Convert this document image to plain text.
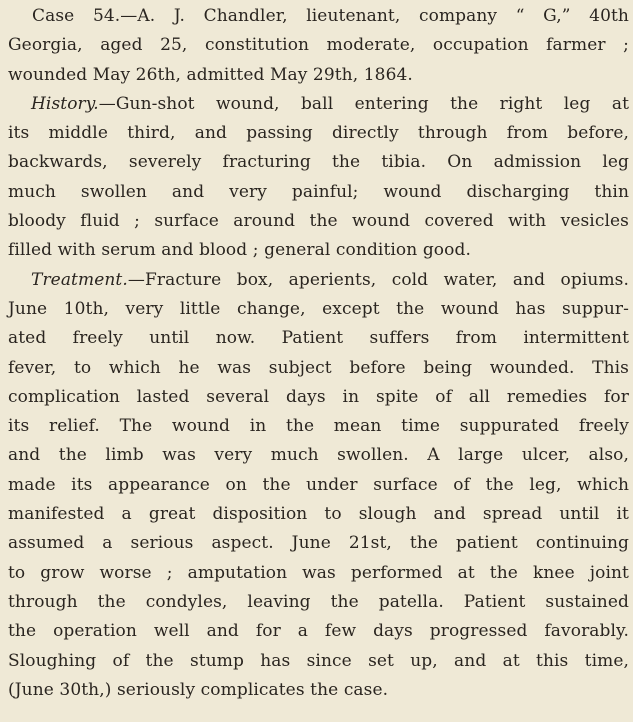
Case 54.—A. J. Chandler, lieutenant, company “ G,” 40th
Georgia, aged 25, constitution moderate, occupation farmer ;
wounded May 26th, admitted May 29th, 1864.
History.—Gun-shot wound, ball entering the right leg at
its middle third, and passing directly through from before,
backwards, severely fracturing the tibia. On admission leg
much swollen and very painful; wound discharging thin
bloody fluid ; surface around the wound covered with vesicles
filled with serum and blood ; general condition good.
Treatment.—Fracture box, aperients, cold water, and opiums.
June 10th, very little change, except the wound has suppur-
ated freely until now. Patient suffers from intermittent
fever, to which he was subject before being wounded. This
complication lasted several days in spite of all remedies for
its relief. The wound in the mean time suppurated freely
and the limb was very much swollen. A large ulcer, also,
made its appearance on the under surface of the leg, which
manifested a great disposition to slough and spread until it
assumed a serious aspect. June 21st, the patient continuing
to grow worse ; amputation was performed at the knee joint
through the condyles, leaving the patella. Patient sustained
the operation well and for a few days progressed favorably.
Sloughing of the stump has since set up, and at this time,
(June 30th,) seriously complicates the case.
